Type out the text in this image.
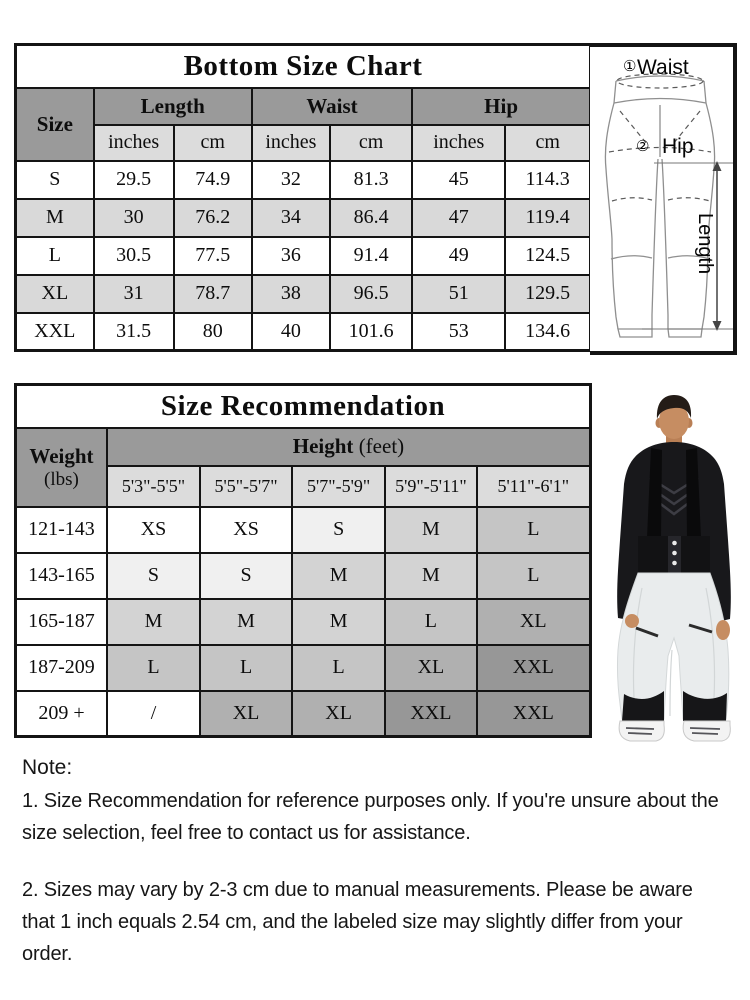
Bottom Size Chart						
Size	Length		Waist		Hip	
	inches	cm	inches	cm	inches	cm
S	29.5	74.9	32	81.3	45	114.3
M	30	76.2	34	86.4	47	119.4
L	30.5	77.5	36	91.4	49	124.5
XL	31	78.7	38	96.5	51	129.5
XXL	31.5	80	40	101.6	53	134.6
① Waist
② Hip
Length
Size Recommendation					

Weight
(lbs)	Height (feet)				
	5'3"-5'5"	5'5"-5'7"	5'7"-5'9"	5'9"-5'11"	5'11"-6'1"
121-143	XS	XS	S	M	L
143-165	S	S	M	M	L
165-187	M	M	M	L	XL
187-209	L	L	L	XL	XXL
209 +	/	XL	XL	XXL	XXL

Note:

1. Size Recommendation for reference purposes only. If you're unsure about the size selection, feel free to contact us for assistance.

2. Sizes may vary by 2-3 cm due to manual measurements. Please be aware that 1 inch equals 2.54 cm, and the labeled size may slightly differ from your order.
